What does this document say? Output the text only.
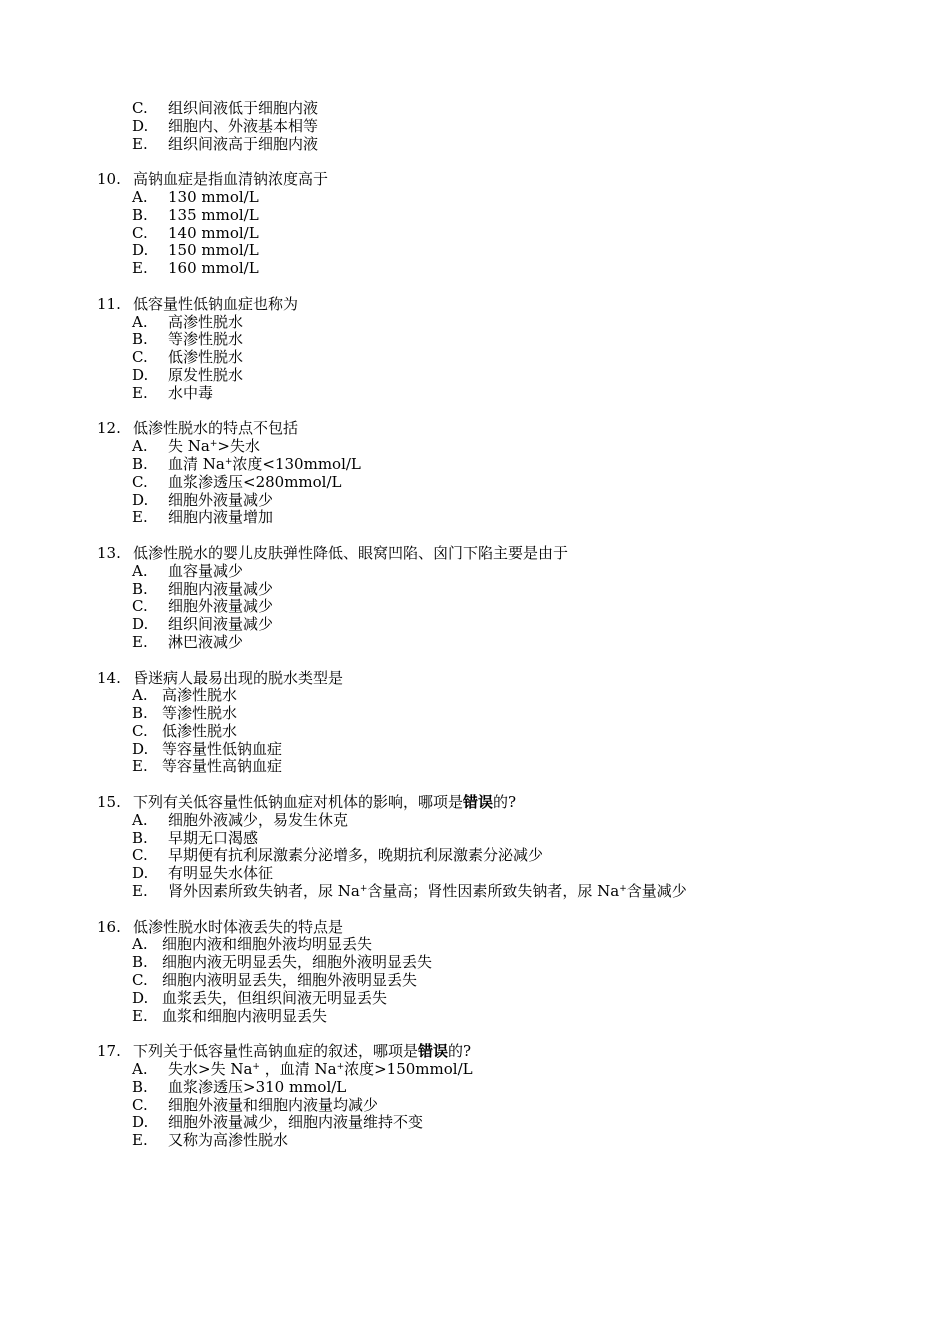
C. 组织间液低于细胞内液
D. 细胞内、外液基本相等
E. 组织间液高于细胞内液
10. 高钠血症是指血清钠浓度高于
A. 130 mmol/L
B. 135 mmol/L
C. 140 mmol/L
D. 150 mmol/L
E. 160 mmol/L
11. 低容量性低钠血症也称为
A. 高渗性脱水
B. 等渗性脱水
C. 低渗性脱水
D. 原发性脱水
E. 水中毒
12. 低渗性脱水的特点不包括
A. 失 Na+>失水
B. 血清 Na+浓度<130mmol/L
C. 血浆渗透压<280mmol/L
D. 细胞外液量减少
E. 细胞内液量增加
13. 低渗性脱水的婴儿皮肤弹性降低、眼窝凹陷、囟门下陷主要是由于
A. 血容量减少
B. 细胞内液量减少
C. 细胞外液量减少
D. 组织间液量减少
E. 淋巴液减少
14. 昏迷病人最易出现的脱水类型是
A. 高渗性脱水
B. 等渗性脱水
C. 低渗性脱水
D. 等容量性低钠血症
E. 等容量性高钠血症
15. 下列有关低容量性低钠血症对机体的影响，哪项是错误的?
A. 细胞外液减少，易发生休克
B. 早期无口渴感
C. 早期便有抗利尿激素分泌增多，晚期抗利尿激素分泌减少
D. 有明显失水体征
E. 肾外因素所致失钠者，尿 Na+含量高；肾性因素所致失钠者，尿 Na+含量减少
16. 低渗性脱水时体液丢失的特点是
A. 细胞内液和细胞外液均明显丢失
B. 细胞内液无明显丢失，细胞外液明显丢失
C. 细胞内液明显丢失，细胞外液明显丢失
D. 血浆丢失，但组织间液无明显丢失
E. 血浆和细胞内液明显丢失
17. 下列关于低容量性高钠血症的叙述，哪项是错误的?
A. 失水>失 Na+ ，血清 Na+浓度>150mmol/L
B. 血浆渗透压>310 mmol/L
C. 细胞外液量和细胞内液量均减少
D. 细胞外液量减少，细胞内液量维持不变
E. 又称为高渗性脱水
